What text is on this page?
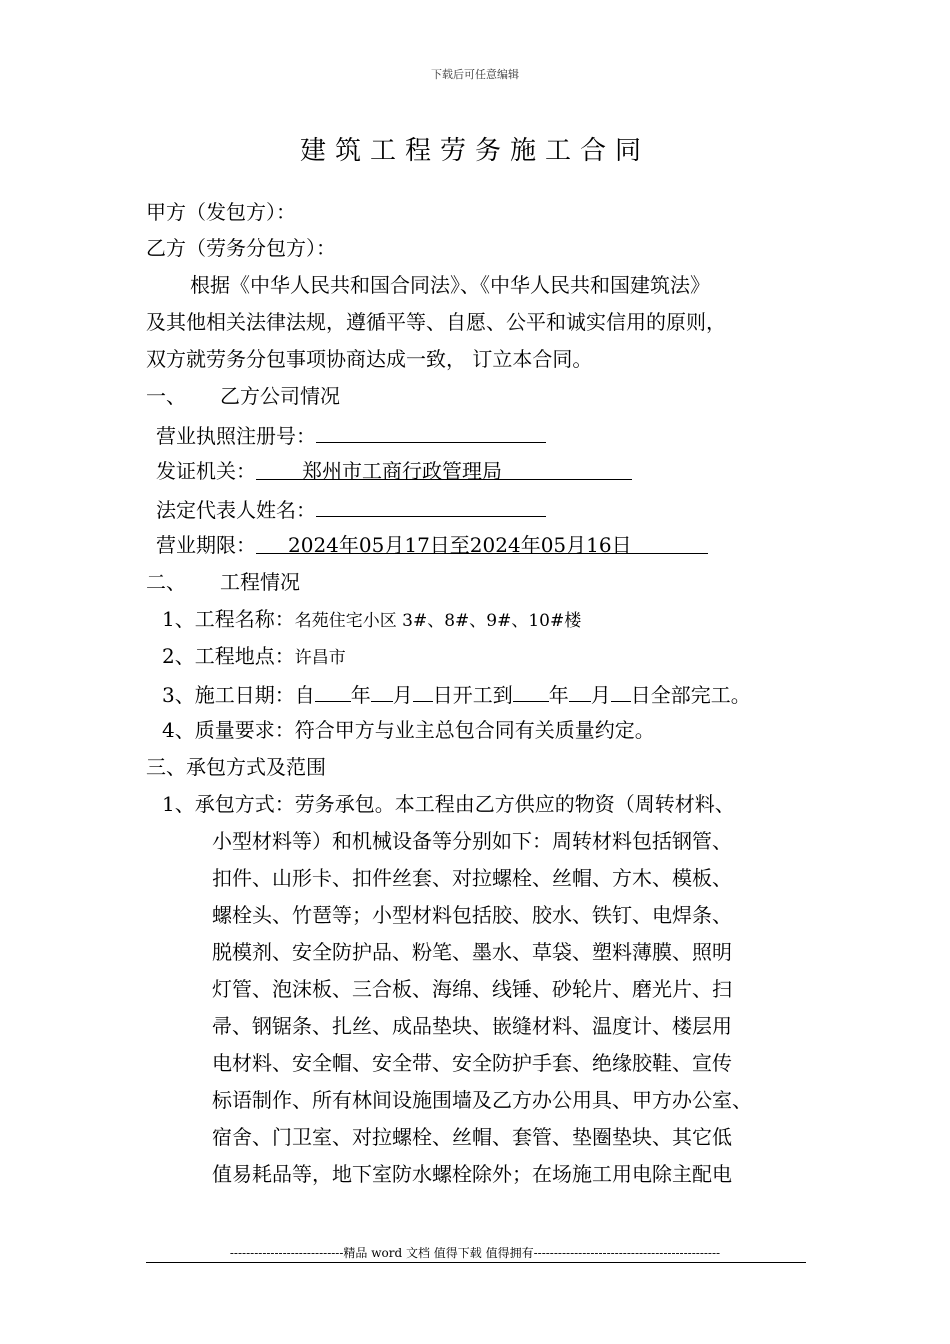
下载后可任意编辑
建筑工程劳务施工合同
甲方（发包方）：
乙方（劳务分包方）：
根据《中华人民共和国合同法》、《中华人民共和国建筑法》
及其他相关法律法规，遵循平等、自愿、公平和诚实信用的原则，
双方就劳务分包事项协商达成一致， 订立本合同。
一、 乙方公司情况
营业执照注册号：
发证机关： 郑州市工商行政管理局
法定代表人姓名：
营业期限： 2024年05月17日至2024年05月16日
二、 工程情况
1、工程名称：名苑住宅小区 3#、8#、9#、10#楼
2、工程地点：许昌市
3、施工日期：自 年 月 日开工到 年 月 日全部完工。
4、质量要求：符合甲方与业主总包合同有关质量约定。
三、承包方式及范围
1、承包方式：劳务承包。本工程由乙方供应的物资（周转材料、
小型材料等）和机械设备等分别如下：周转材料包括钢管、
扣件、山形卡、扣件丝套、对拉螺栓、丝帽、方木、模板、
螺栓头、竹琶等；小型材料包括胶、胶水、铁钉、电焊条、
脱模剂、安全防护品、粉笔、墨水、草袋、塑料薄膜、照明
灯管、泡沫板、三合板、海绵、线锤、砂轮片、磨光片、扫
帚、钢锯条、扎丝、成品垫块、嵌缝材料、温度计、楼层用
电材料、安全帽、安全带、安全防护手套、绝缘胶鞋、宣传
标语制作、所有林间设施围墙及乙方办公用具、甲方办公室、
宿舍、门卫室、对拉螺栓、丝帽、套管、垫圈垫块、其它低
值易耗品等，地下室防水螺栓除外；在场施工用电除主配电
----------------------------精品 word 文档 值得下载 值得拥有----------------------------------------------
